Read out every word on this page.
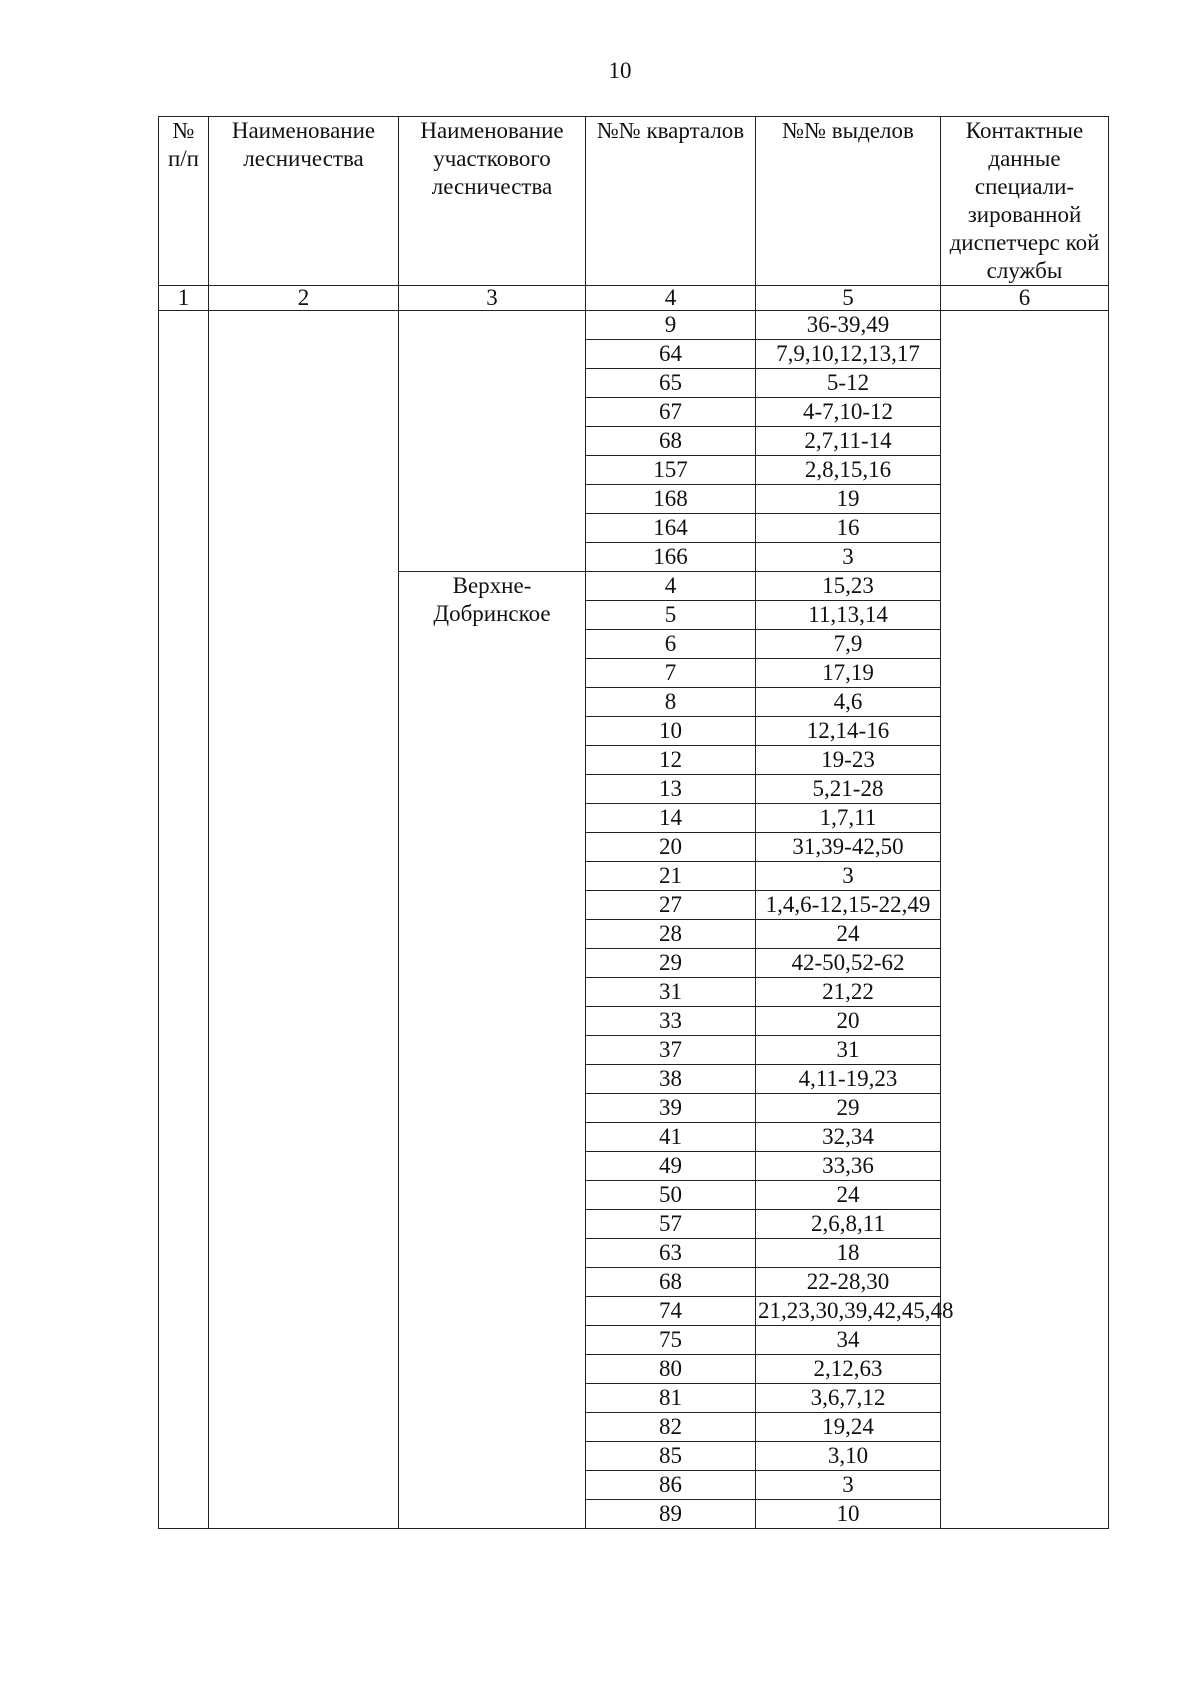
10
№ п/п	Наименование лесничества	Наименование участкового лесничества	№№ кварталов	№№ выделов	Контактные данные специали-зированной диспетчерс кой службы
1	2	3	4	5	6
			9	36-39,49	
			64	7,9,10,12,13,17	
			65	5-12	
			67	4-7,10-12	
			68	2,7,11-14	
			157	2,8,15,16	
			168	19	
			164	16	
			166	3	
		Верхне-Добринское	4	15,23	
			5	11,13,14	
			6	7,9	
			7	17,19	
			8	4,6	
			10	12,14-16	
			12	19-23	
			13	5,21-28	
			14	1,7,11	
			20	31,39-42,50	
			21	3	
			27	1,4,6-12,15-22,49	
			28	24	
			29	42-50,52-62	
			31	21,22	
			33	20	
			37	31	
			38	4,11-19,23	
			39	29	
			41	32,34	
			49	33,36	
			50	24	
			57	2,6,8,11	
			63	18	
			68	22-28,30	
			74	21,23,30,39,42,45,48	
			75	34	
			80	2,12,63	
			81	3,6,7,12	
			82	19,24	
			85	3,10	
			86	3	
			89	10	
